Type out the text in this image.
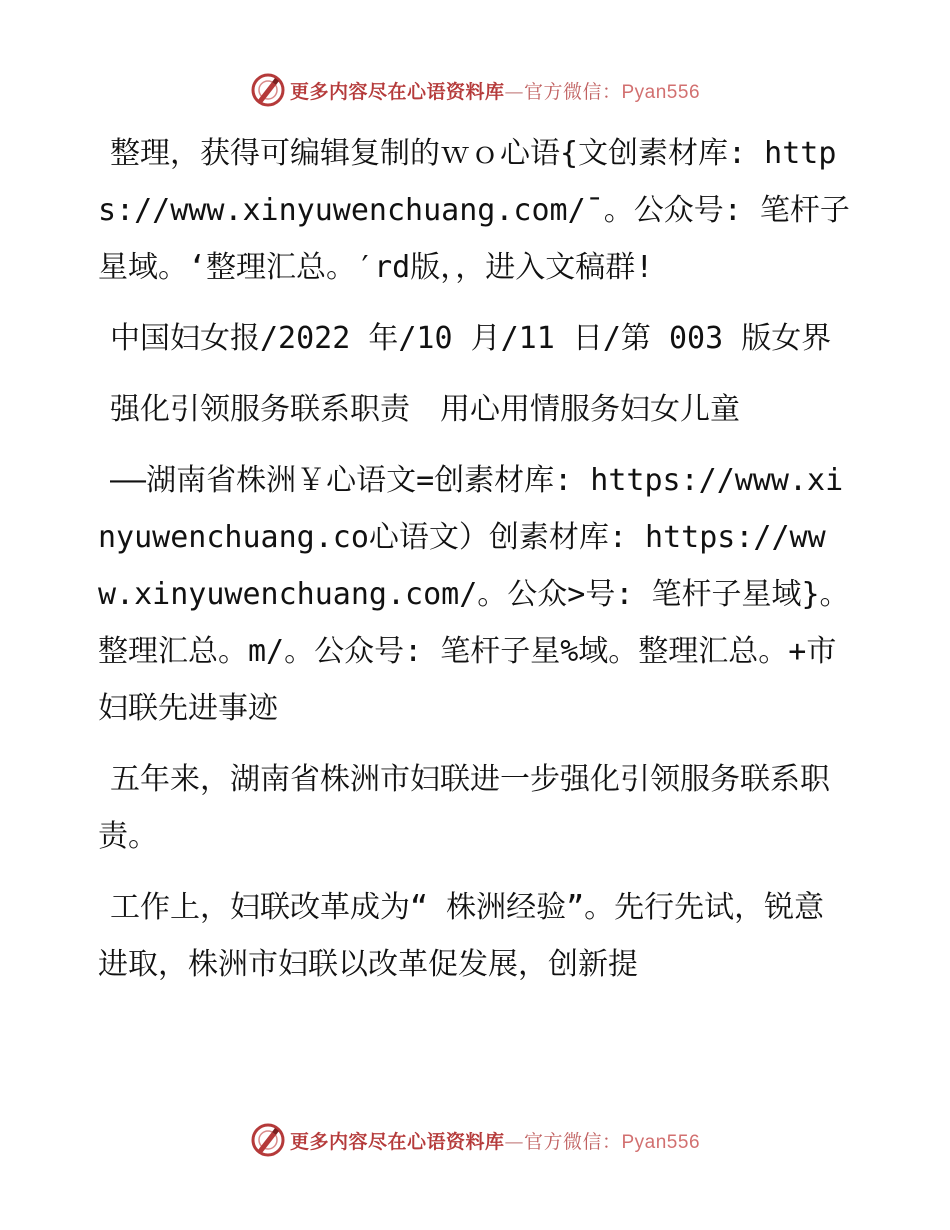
更多内容尽在心语资料库—官方微信：Pyan556

整理，获得可编辑复制的ｗｏ心语{文创素材库: https://www.xinyuwenchuang.com/¯。公众号: 笔杆子星域。‘整理汇总。′rd版，，进入文稿群!

中国妇女报/2022 年/10 月/11 日/第 003 版女界

强化引领服务联系职责　用心用情服务妇女儿童

——湖南省株洲￥心语文=创素材库: https://www.xinyuwenchuang.co心语文）创素材库: https://www.xinyuwenchuang.com/。公众>号: 笔杆子星域}。整理汇总。m/。公众号: 笔杆子星%域。整理汇总。+市妇联先进事迹

五年来，湖南省株洲市妇联进一步强化引领服务联系职责。

工作上，妇联改革成为“ 株洲经验”。先行先试，锐意进取，株洲市妇联以改革促发展，创新提

更多内容尽在心语资料库—官方微信：Pyan556
